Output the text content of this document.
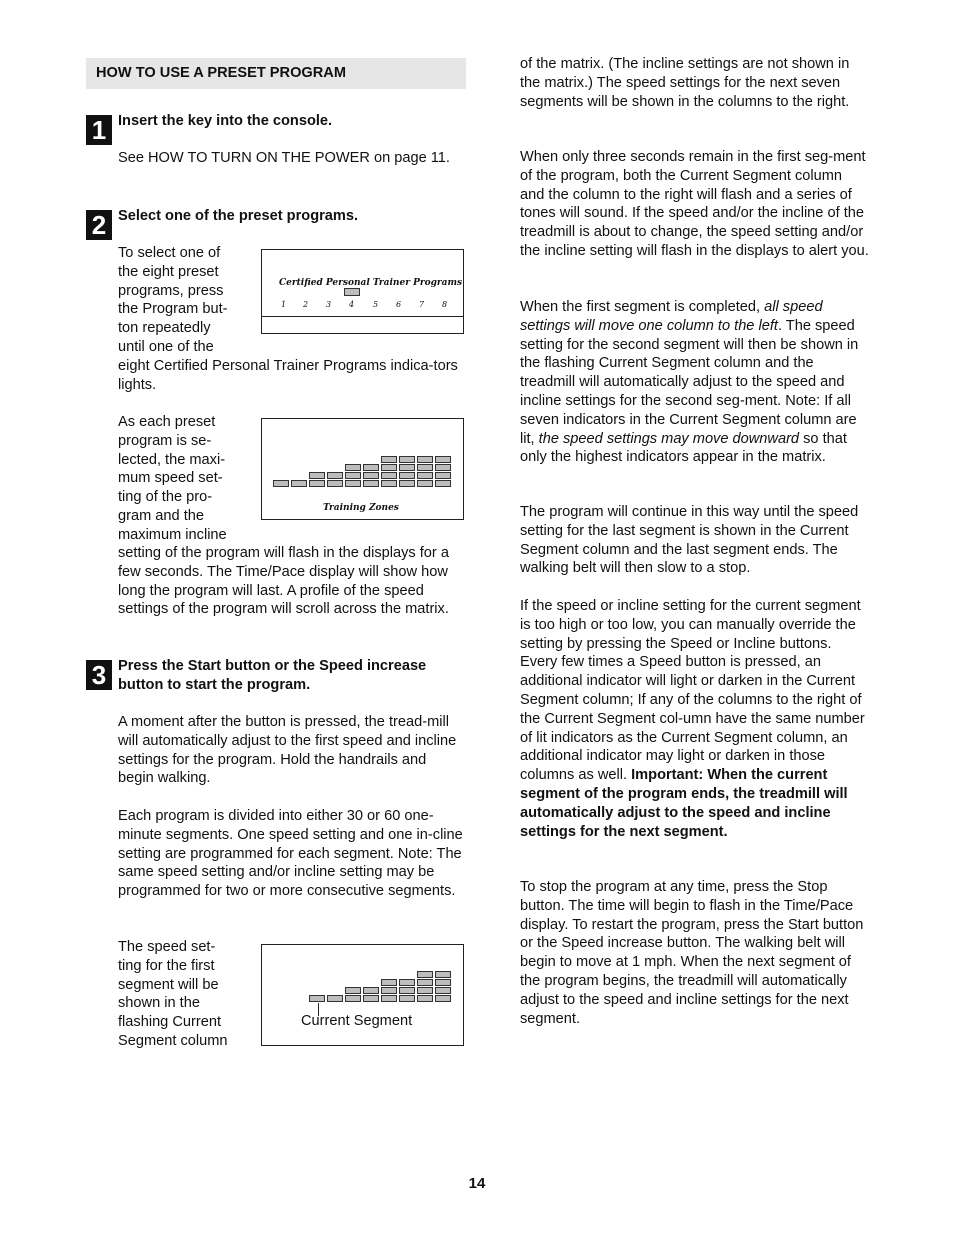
HOW TO USE A PRESET PROGRAM
1 Insert the key into the console.

See HOW TO TURN ON THE POWER on page 11.

2 Select one of the preset programs.

To select one of
the eight preset
programs, press
the Program but-
ton repeatedly
until one of the

eight Certified Personal Trainer Programs indica-tors lights.

Certified Personal Trainer Programs
1 2 3 4 5 6 7 8
As each preset
program is se-
lected, the maxi-
mum speed set-
ting of the pro-
gram and the
maximum incline

setting of the program will flash in the displays for a few seconds. The Time/Pace display will show how long the program will last. A profile of the speed settings of the program will scroll across the matrix.

Training Zones
3 Press the Start button or the Speed increase button to start the program.

A moment after the button is pressed, the tread-mill will automatically adjust to the first speed and incline settings for the program. Hold the handrails and begin walking.

Each program is divided into either 30 or 60 one-minute segments. One speed setting and one in-cline setting are programmed for each segment. Note: The same speed setting and/or incline setting may be programmed for two or more consecutive segments.

The speed set-
ting for the first
segment will be
shown in the
flashing Current
Segment column
Current Segment

of the matrix. (The incline settings are not shown in the matrix.) The speed settings for the next seven segments will be shown in the columns to the right.

When only three seconds remain in the first seg-ment of the program, both the Current Segment column and the column to the right will flash and a series of tones will sound. If the speed and/or the incline of the treadmill is about to change, the speed setting and/or the incline setting will flash in the displays to alert you.

When the first segment is completed, all speed settings will move one column to the left. The speed setting for the second segment will then be shown in the flashing Current Segment column and the treadmill will automatically adjust to the speed and incline settings for the second seg-ment. Note: If all seven indicators in the Current Segment column are lit, the speed settings may move downward so that only the highest indicators appear in the matrix.

The program will continue in this way until the speed setting for the last segment is shown in the Current Segment column and the last segment ends. The walking belt will then slow to a stop.

If the speed or incline setting for the current segment is too high or too low, you can manually override the setting by pressing the Speed or Incline buttons. Every few times a Speed button is pressed, an additional indicator will light or darken in the Current Segment column; If any of the columns to the right of the Current Segment col-umn have the same number of lit indicators as the Current Segment column, an additional indicator may light or darken in those columns as well. Important: When the current segment of the program ends, the treadmill will automatically adjust to the speed and incline settings for the next segment.

To stop the program at any time, press the Stop button. The time will begin to flash in the Time/Pace display. To restart the program, press the Start button or the Speed increase button. The walking belt will begin to move at 1 mph. When the next segment of the program begins, the treadmill will automatically adjust to the speed and incline settings for the next segment.

14
